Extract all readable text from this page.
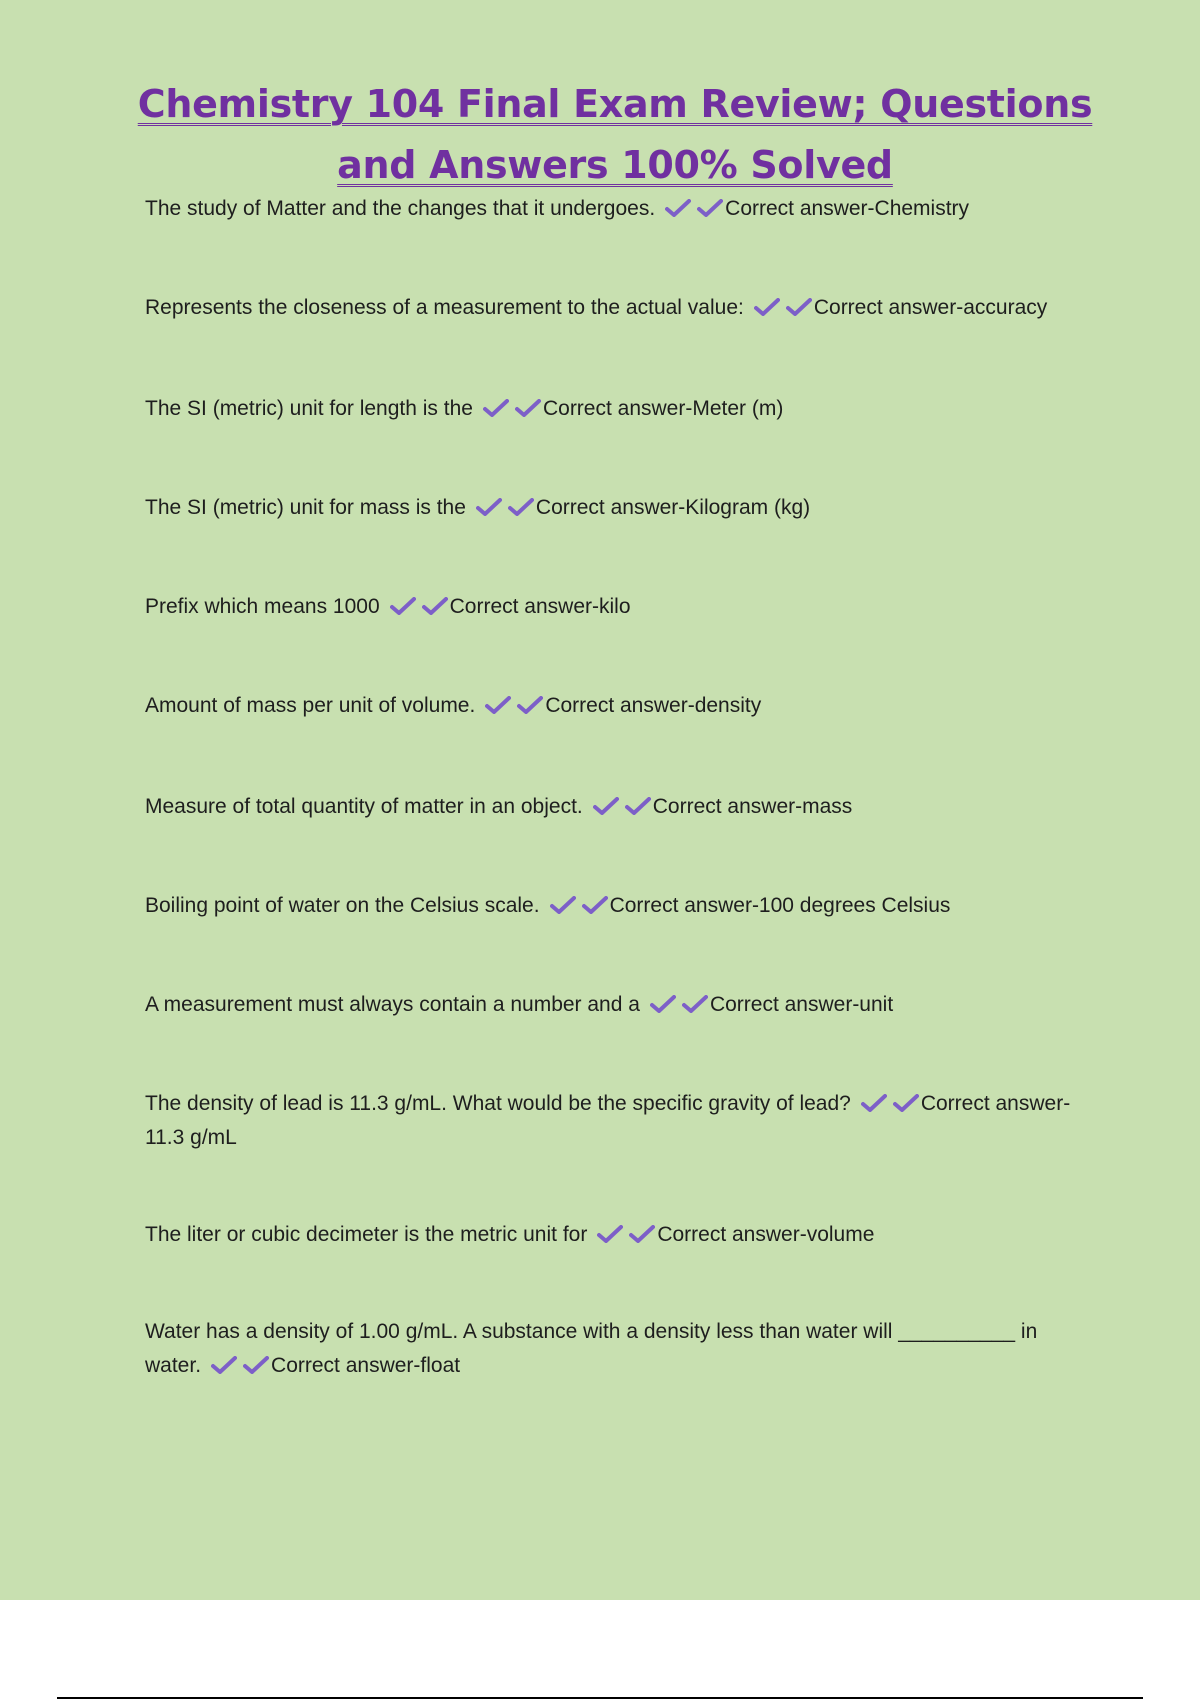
Chemistry 104 Final Exam Review; Questions
and Answers 100% Solved

The study of Matter and the changes that it undergoes.	Correct answer-Chemistry

Represents the closeness of a measurement to the actual value:	Correct answer-accuracy

The SI (metric) unit for length is the	Correct answer-Meter (m)

The SI (metric) unit for mass is the	Correct answer-Kilogram (kg)

Prefix which means 1000	Correct answer-kilo

Amount of mass per unit of volume.	Correct answer-density

Measure of total quantity of matter in an object.	Correct answer-mass

Boiling point of water on the Celsius scale.	Correct answer-100 degrees Celsius

A measurement must always contain a number and a	Correct answer-unit

The density of lead is 11.3 g/mL. What would be the specific gravity of lead?	Correct answer-11.3 g/mL

The liter or cubic decimeter is the metric unit for	Correct answer-volume

Water has a density of 1.00 g/mL. A substance with a density less than water will __________ in water.	Correct answer-float
